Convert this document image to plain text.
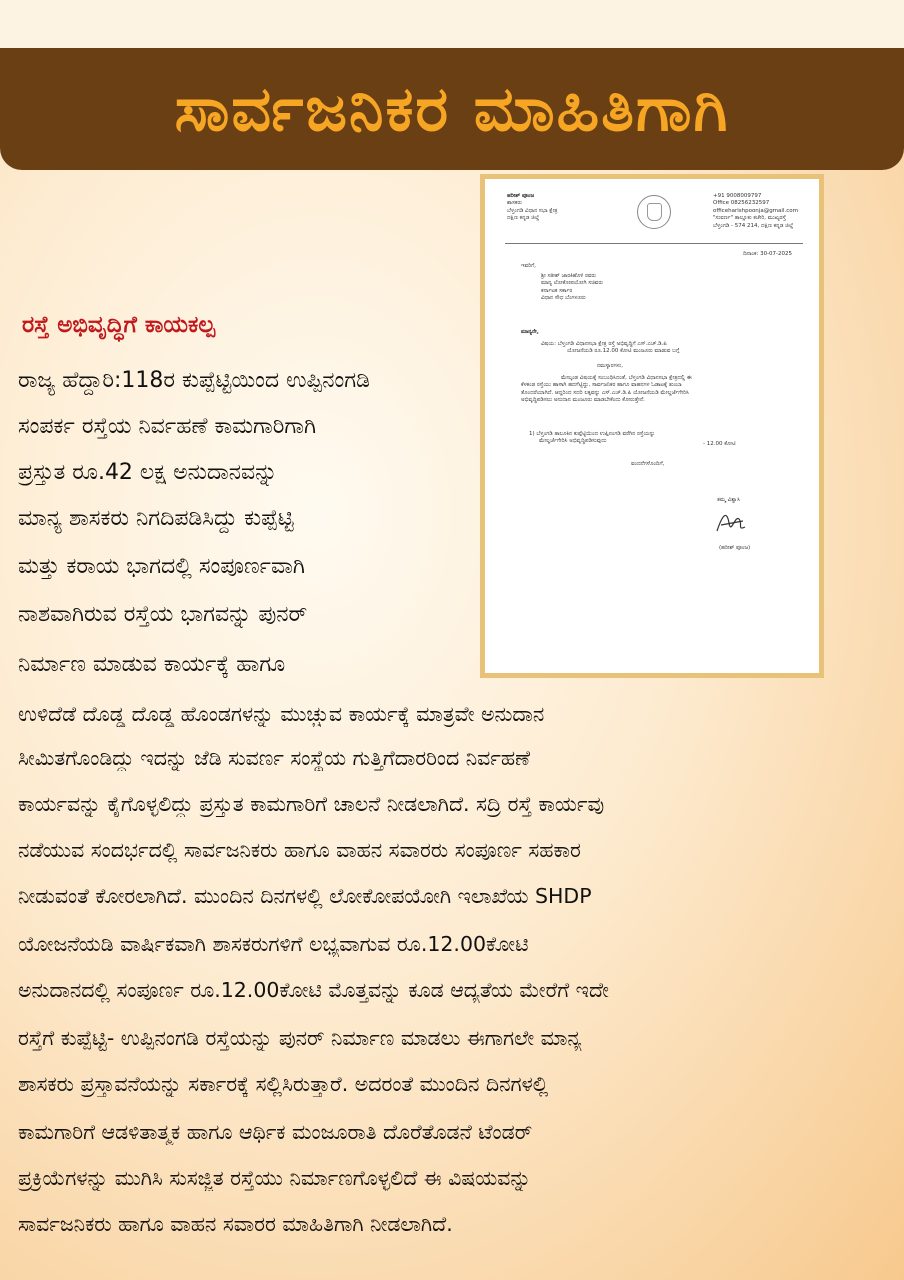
ಸಾರ್ವಜನಿಕರ ಮಾಹಿತಿಗಾಗಿ
ಹರೀಶ್ ಪೂಂಜ
ಶಾಸಕರು
ಬೆಳ್ತಂಗಡಿ ವಿಧಾನ ಸಭಾ ಕ್ಷೇತ್ರ
ದಕ್ಷಿಣ ಕನ್ನಡ ಜಿಲ್ಲೆ
+91 9008009797
Office 08256232597
officeharishpoonja@gmail.com
"ಸುವರ್ಣ" ತಾಲ್ಲೂಕು ಕಚೇರಿ, ಮುಖ್ಯರಸ್ತೆ
ಬೆಳ್ತಂಗಡಿ - 574 214, ದಕ್ಷಿಣ ಕನ್ನಡ ಜಿಲ್ಲೆ
ದಿನಾಂಕ: 30-07-2025
ಇವರಿಗೆ,
ಶ್ರೀ ಸತೀಶ್ ಜಾರಕಿಹೊಳಿ ರವರು
ಮಾನ್ಯ ಲೋಕೋಪಯೋಗಿ ಸಚಿವರು
ಕರ್ನಾಟಕ ಸರ್ಕಾರ
ವಿಧಾನ ಸೌಧ ಬೆಂಗಳೂರು
ಮಾನ್ಯರೇ,
ವಿಷಯ: ಬೆಳ್ತಂಗಡಿ ವಿಧಾನಸಭಾ ಕ್ಷೇತ್ರ ರಸ್ತೆ ಅಭಿವೃದ್ಧಿಗೆ ಎಸ್.ಎಚ್.ಡಿ.ಪಿ
ಯೋಜನೆಯಡಿ ರೂ.12.00 ಕೋಟಿ ಮಂಜೂರು ಮಾಡುವ ಬಗ್ಗೆ
ನಮಸ್ಕಾರಗಳು,
ಮೇಲ್ಕಂಡ ವಿಷಯಕ್ಕೆ ಸಂಬಂಧಿಸಿದಂತೆ, ಬೆಳ್ತಂಗಡಿ ವಿಧಾನಸಭಾ ಕ್ಷೇತ್ರದಲ್ಲಿ ಈ
ಕೆಳಕಂಡ ರಸ್ತೆಯು ಹಾಳಾಗಿ ಹದಗೆಟ್ಟಿದ್ದು, ಸಾರ್ವಜನಿಕರ ಹಾಗೂ ವಾಹನಗಳ ಓಡಾಟಕ್ಕೆ ತುಂಬಾ
ತೊಂದರೆಯಾಗಿದೆ. ಆದ್ದರಿಂದ ಸದರಿ ಲಕ್ಕವನ್ನು ಎಸ್.ಎಚ್.ಡಿ.ಪಿ ಯೋಜನೆಯಡಿ ಮೇಲ್ದರ್ಜೆಗೇರಿಸಿ
ಅಭಿವೃದ್ಧಿಪಡಿಸಲು ಅನುದಾನ ಮಂಜೂರು ಮಾಡಬೇಕೆಂದು ಕೋರುತ್ತೇನೆ.
1) ಬೆಳ್ತಂಗಡಿ ತಾಲೂಕಿನ ಕುಪ್ಪೆಟ್ಟಿಯಿಂದ ಉಪ್ಪಿನಂಗಡಿ ವರೆಗಿನ ರಸ್ತೆಯನ್ನು
ಮೇಲ್ದರ್ಜೆಗೇರಿಸಿ ಅಭಿವೃದ್ಧಿಪಡಿಸುವುದು	- 12.00 ಕೋಟಿ
ವಂದನೆಗಳೊಂದಿಗೆ,
ತಮ್ಮ ವಿಶ್ವಾಸಿ
(ಹರೀಶ್ ಪೂಂಜ)
ರಸ್ತೆ ಅಭಿವೃದ್ಧಿಗೆ ಕಾಯಕಲ್ಪ

ರಾಜ್ಯ ಹೆದ್ದಾರಿ:118ರ ಕುಪ್ಪೆಟ್ಟಿಯಿಂದ ಉಪ್ಪಿನಂಗಡಿ

ಸಂಪರ್ಕ ರಸ್ತೆಯ ನಿರ್ವಹಣೆ ಕಾಮಗಾರಿಗಾಗಿ

ಪ್ರಸ್ತುತ ರೂ.42 ಲಕ್ಷ ಅನುದಾನವನ್ನು

ಮಾನ್ಯ ಶಾಸಕರು ನಿಗದಿಪಡಿಸಿದ್ದು ಕುಪ್ಪೆಟ್ಟಿ

ಮತ್ತು ಕರಾಯ ಭಾಗದಲ್ಲಿ ಸಂಪೂರ್ಣವಾಗಿ

ನಾಶವಾಗಿರುವ ರಸ್ತೆಯ ಭಾಗವನ್ನು ಪುನರ್

ನಿರ್ಮಾಣ ಮಾಡುವ ಕಾರ್ಯಕ್ಕೆ ಹಾಗೂ

ಉಳಿದೆಡೆ ದೊಡ್ಡ ದೊಡ್ಡ ಹೊಂಡಗಳನ್ನು ಮುಚ್ಚುವ ಕಾರ್ಯಕ್ಕೆ ಮಾತ್ರವೇ ಅನುದಾನ

ಸೀಮಿತಗೊಂಡಿದ್ದು ಇದನ್ನು ಜೆಡಿ ಸುವರ್ಣ ಸಂಸ್ಥೆಯ ಗುತ್ತಿಗೆದಾರರಿಂದ ನಿರ್ವಹಣೆ

ಕಾರ್ಯವನ್ನು ಕೈಗೊಳ್ಳಲಿದ್ದು ಪ್ರಸ್ತುತ ಕಾಮಗಾರಿಗೆ ಚಾಲನೆ ನೀಡಲಾಗಿದೆ. ಸದ್ರಿ ರಸ್ತೆ ಕಾರ್ಯವು

ನಡೆಯುವ ಸಂದರ್ಭದಲ್ಲಿ ಸಾರ್ವಜನಿಕರು ಹಾಗೂ ವಾಹನ ಸವಾರರು ಸಂಪೂರ್ಣ ಸಹಕಾರ

ನೀಡುವಂತೆ ಕೋರಲಾಗಿದೆ. ಮುಂದಿನ ದಿನಗಳಲ್ಲಿ ಲೋಕೋಪಯೋಗಿ ಇಲಾಖೆಯ SHDP

ಯೋಜನೆಯಡಿ ವಾರ್ಷಿಕವಾಗಿ ಶಾಸಕರುಗಳಿಗೆ ಲಭ್ಯವಾಗುವ ರೂ.12.00ಕೋಟಿ

ಅನುದಾನದಲ್ಲಿ ಸಂಪೂರ್ಣ ರೂ.12.00ಕೋಟಿ ಮೊತ್ತವನ್ನು ಕೂಡ ಆದ್ಯತೆಯ ಮೇರೆಗೆ ಇದೇ

ರಸ್ತೆಗೆ ಕುಪ್ಪೆಟ್ಟಿ- ಉಪ್ಪಿನಂಗಡಿ ರಸ್ತೆಯನ್ನು ಪುನರ್ ನಿರ್ಮಾಣ ಮಾಡಲು ಈಗಾಗಲೇ ಮಾನ್ಯ

ಶಾಸಕರು ಪ್ರಸ್ತಾವನೆಯನ್ನು ಸರ್ಕಾರಕ್ಕೆ ಸಲ್ಲಿಸಿರುತ್ತಾರೆ. ಅದರಂತೆ ಮುಂದಿನ ದಿನಗಳಲ್ಲಿ

ಕಾಮಗಾರಿಗೆ ಆಡಳಿತಾತ್ಮಕ ಹಾಗೂ ಆರ್ಥಿಕ ಮಂಜೂರಾತಿ ದೊರೆತೊಡನೆ ಟೆಂಡರ್

ಪ್ರಕ್ರಿಯೆಗಳನ್ನು ಮುಗಿಸಿ ಸುಸಜ್ಜಿತ ರಸ್ತೆಯು ನಿರ್ಮಾಣಗೊಳ್ಳಲಿದೆ ಈ ವಿಷಯವನ್ನು

ಸಾರ್ವಜನಿಕರು ಹಾಗೂ ವಾಹನ ಸವಾರರ ಮಾಹಿತಿಗಾಗಿ ನೀಡಲಾಗಿದೆ.
